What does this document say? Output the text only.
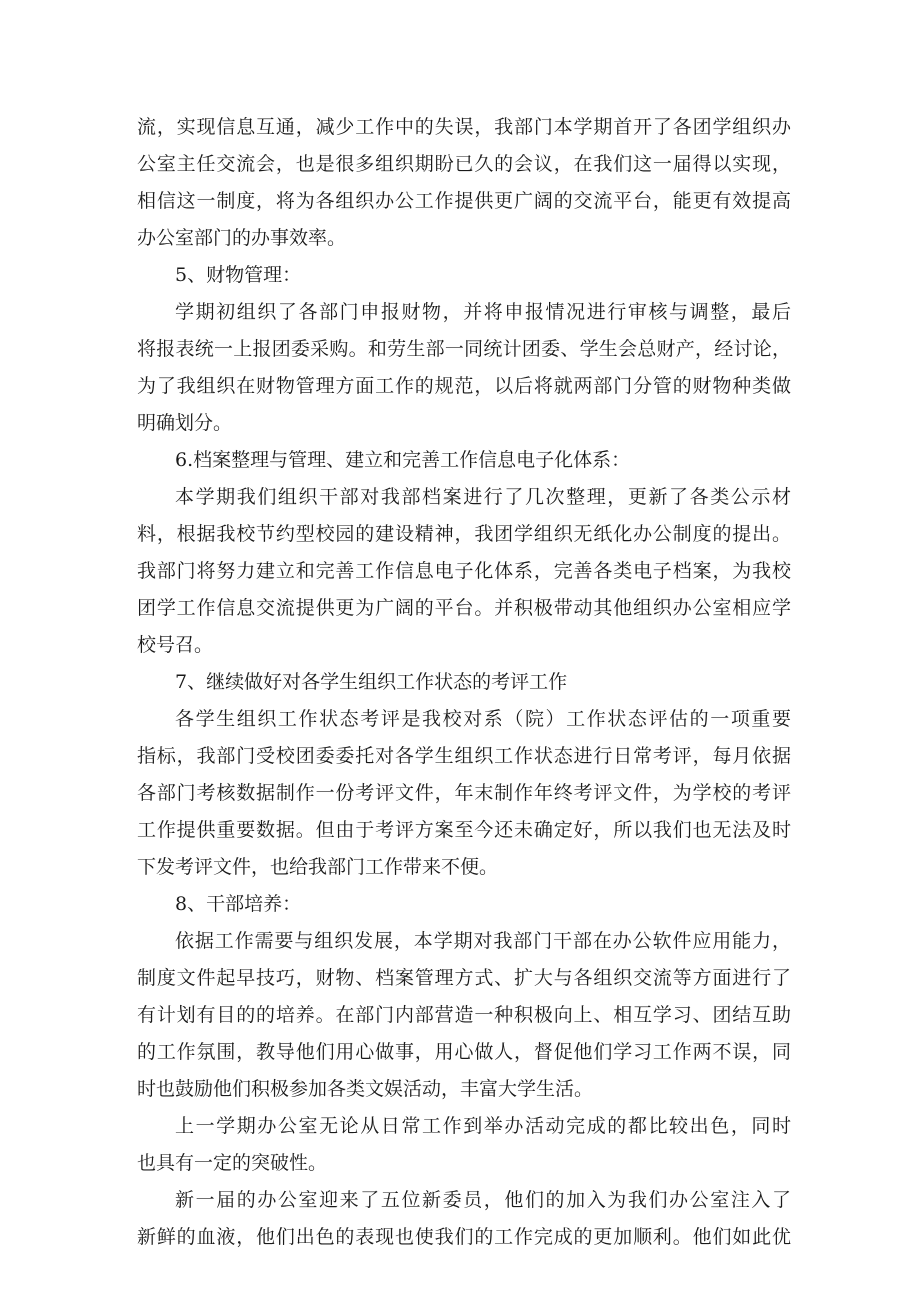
流，实现信息互通，减少工作中的失误，我部门本学期首开了各团学组织办
公室主任交流会，也是很多组织期盼已久的会议，在我们这一届得以实现，
相信这一制度，将为各组织办公工作提供更广阔的交流平台，能更有效提高
办公室部门的办事效率。
5、财物管理：
学期初组织了各部门申报财物，并将申报情况进行审核与调整，最后
将报表统一上报团委采购。和劳生部一同统计团委、学生会总财产，经讨论，
为了我组织在财物管理方面工作的规范，以后将就两部门分管的财物种类做
明确划分。
6.档案整理与管理、建立和完善工作信息电子化体系：
本学期我们组织干部对我部档案进行了几次整理，更新了各类公示材
料，根据我校节约型校园的建设精神，我团学组织无纸化办公制度的提出。
我部门将努力建立和完善工作信息电子化体系，完善各类电子档案，为我校
团学工作信息交流提供更为广阔的平台。并积极带动其他组织办公室相应学
校号召。
7、继续做好对各学生组织工作状态的考评工作
各学生组织工作状态考评是我校对系（院）工作状态评估的一项重要
指标，我部门受校团委委托对各学生组织工作状态进行日常考评，每月依据
各部门考核数据制作一份考评文件，年末制作年终考评文件，为学校的考评
工作提供重要数据。但由于考评方案至今还未确定好，所以我们也无法及时
下发考评文件，也给我部门工作带来不便。
8、干部培养：
依据工作需要与组织发展，本学期对我部门干部在办公软件应用能力，
制度文件起早技巧，财物、档案管理方式、扩大与各组织交流等方面进行了
有计划有目的的培养。在部门内部营造一种积极向上、相互学习、团结互助
的工作氛围，教导他们用心做事，用心做人，督促他们学习工作两不误，同
时也鼓励他们积极参加各类文娱活动，丰富大学生活。
上一学期办公室无论从日常工作到举办活动完成的都比较出色，同时
也具有一定的突破性。
新一届的办公室迎来了五位新委员，他们的加入为我们办公室注入了
新鲜的血液，他们出色的表现也使我们的工作完成的更加顺利。他们如此优
